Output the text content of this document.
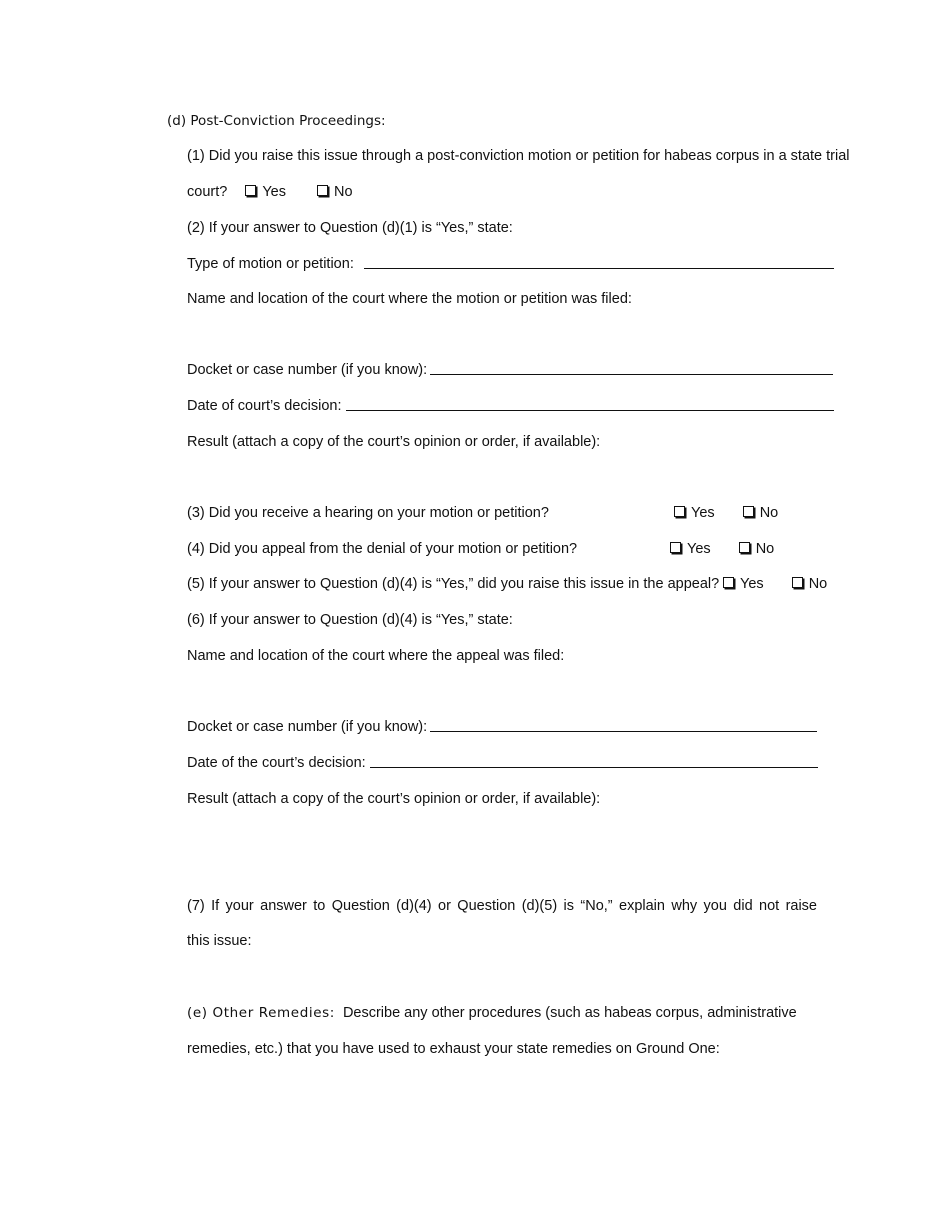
(d) Post-Conviction Proceedings:
(1) Did you raise this issue through a post-conviction motion or petition for habeas corpus in a state trial
court? Yes	No
(2) If your answer to Question (d)(1) is “Yes,” state:
Type of motion or petition:
Name and location of the court where the motion or petition was filed:
Docket or case number (if you know):
Date of court’s decision:
Result (attach a copy of the court’s opinion or order, if available):
(3) Did you receive a hearing on your motion or petition?	Yes	No
(4) Did you appeal from the denial of your motion or petition?	Yes	No
(5) If your answer to Question (d)(4) is “Yes,” did you raise this issue in the appeal?	Yes	No
(6) If your answer to Question (d)(4) is “Yes,” state:
Name and location of the court where the appeal was filed:
Docket or case number (if you know):
Date of the court’s decision:
Result (attach a copy of the court’s opinion or order, if available):
(7) If your answer to Question (d)(4) or Question (d)(5) is “No,” explain why you did not raise
this issue:
(e) Other Remedies: Describe any other procedures (such as habeas corpus, administrative
remedies, etc.) that you have used to exhaust your state remedies on Ground One:
